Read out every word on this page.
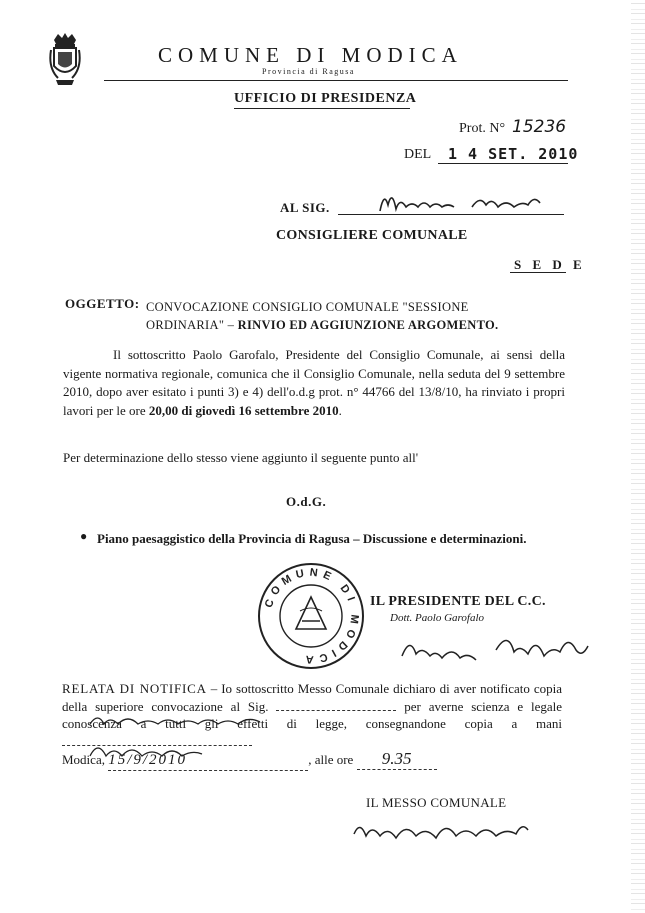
COMUNE DI MODICA
Provincia di Ragusa
UFFICIO DI PRESIDENZA
Prot. N° 15236
DEL 1 4 SET. 2010
AL SIG.
CONSIGLIERE COMUNALE
S E D E
OGGETTO: CONVOCAZIONE CONSIGLIO COMUNALE "SESSIONE
ORDINARIA" – RINVIO ED AGGIUNZIONE ARGOMENTO.
Il sottoscritto Paolo Garofalo, Presidente del Consiglio Comunale, ai sensi della vigente normativa regionale, comunica che il Consiglio Comunale, nella seduta del 9 settembre 2010, dopo aver esitato i punti 3) e 4) dell'o.d.g prot. n° 44766 del 13/8/10, ha rinviato i propri lavori per le ore 20,00 di giovedì 16 settembre 2010.
Per determinazione dello stesso viene aggiunto il seguente punto all'
O.d.G.
● Piano paesaggistico della Provincia di Ragusa – Discussione e determinazioni.
COMUNE DI MODICA
IL PRESIDENTE DEL C.C.
Dott. Paolo Garofalo
RELATA DI NOTIFICA – Io sottoscritto Messo Comunale dichiaro di aver notificato copia della superiore convocazione al Sig.	per averne scienza e legale conoscenza a tutti gli effetti di legge, consegnandone copia a mani
Modica, 15/9/2010	, alle ore 9.35
IL MESSO COMUNALE
